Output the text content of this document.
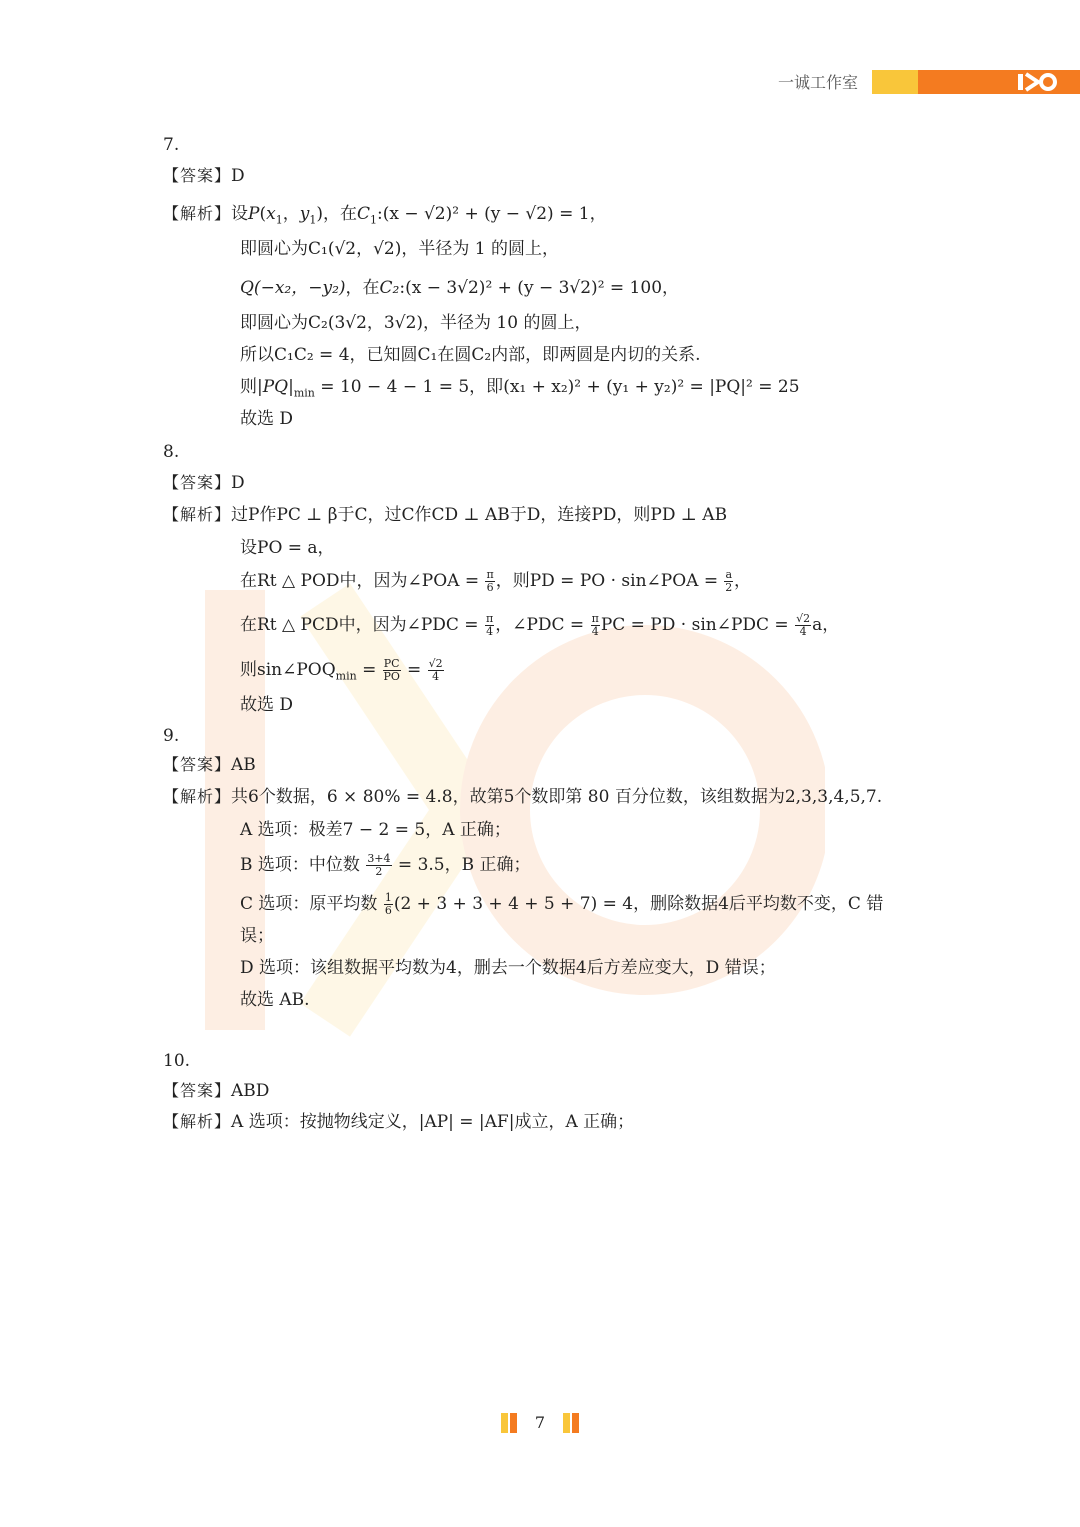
一诚工作室
7.
【答案】D
【解析】设$P(x_1$，$y_1$)，在$C_1:(x - √2)^2 + (y - √2) = 1$，
即圆心为C₁(√2，√2)，半径为 1 的圆上，
Q(−x₂，−y₂)，在C₂:(x − 3√2)² + (y − 3√2)² = 100，
即圆心为C₂(3√2，3√2)，半径为 10 的圆上，
所以C₁C₂ = 4，已知圆C₁在圆C₂内部，即两圆是内切的关系.
则$|PQ|_{min} = 10 - 4 - 1 = 5$，即(x₁ + x₂)² + (y₁ + y₂)² = |PQ|² = 25
故选 D
8.
【答案】D
【解析】过P作PC ⊥ β于C，过C作CD ⊥ AB于D，连接PD，则PD ⊥ AB
设PO = a，
在Rt △ POD中，因为∠POA = $\frac{\pi}{6}$ ，则PD = PO · sin∠POA = $\frac{a}{2}$ ，
在Rt △ PCD中，因为∠PDC = $\frac{\pi}{4}$ ，∠PDC = $\frac{\pi}{4}$ PC = PD · sin∠PDC = $\frac{√2}{4}$ a，
则$\sin\angle POQ_{min} = \frac{PC}{PO} = \frac{√2}{4}$
故选 D
9.
【答案】AB
【解析】共6个数据，6 × 80% = 4.8，故第5个数即第 80 百分位数，该组数据为2,3,3,4,5,7.
A 选项：极差7 − 2 = 5，A 正确；
B 选项：中位数 $\frac{3+4}{2} = 3.5$，B 正确；
C 选项：原平均数 $\frac{1}{6} (2 + 3 + 3 + 4 + 5 + 7) = 4$，删除数据4后平均数不变，C 错
误；
D 选项：该组数据平均数为4，删去一个数据4后方差应变大，D 错误；
故选 AB.
10.
【答案】ABD
【解析】A 选项：按抛物线定义，|AP| = |AF|成立，A 正确；
7
